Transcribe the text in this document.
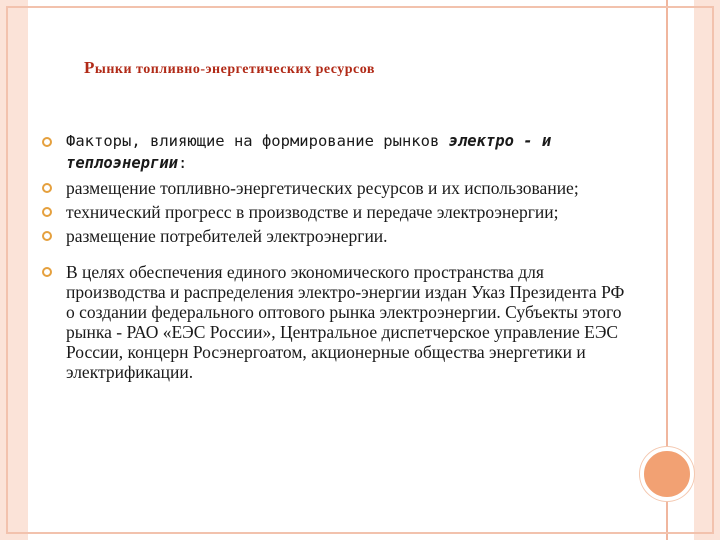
Рынки топливно-энергетических ресурсов
Факторы, влияющие на формирование рынков электро - и теплоэнергии:
размещение топливно-энергетических ресурсов и их использование;
технический прогресс в производстве и передаче электроэнергии;
размещение потребителей электроэнергии.
В целях обеспечения единого экономического пространства для производства и распределения электро-энергии издан Указ Президента РФ о создании федерального оптового рынка электроэнергии. Субъекты этого рынка - РАО «ЕЭС России», Центральное диспетчерское управление ЕЭС России, концерн Росэнергоатом, акционерные общества энергетики и электрификации.
